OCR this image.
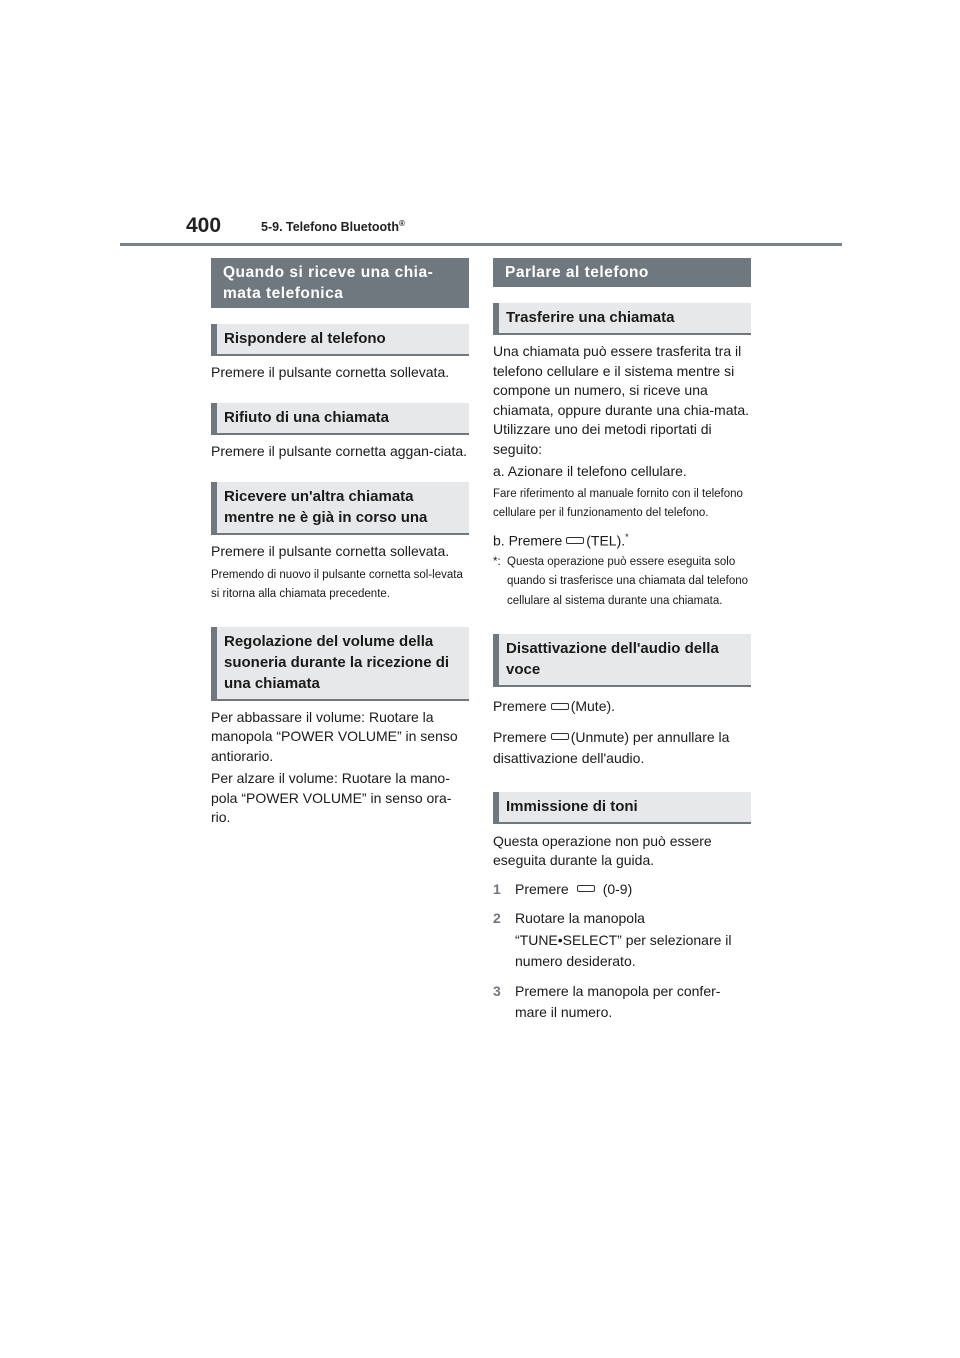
400	5-9. Telefono Bluetooth®
Quando si riceve una chia-mata telefonica
Rispondere al telefono

Premere il pulsante cornetta sollevata.

Rifiuto di una chiamata

Premere il pulsante cornetta aggan-ciata.

Ricevere un'altra chiamata mentre ne è già in corso una

Premere il pulsante cornetta sollevata.

Premendo di nuovo il pulsante cornetta sol-levata si ritorna alla chiamata precedente.

Regolazione del volume della suoneria durante la ricezione di una chiamata

Per abbassare il volume: Ruotare la manopola “POWER VOLUME” in senso antiorario.

Per alzare il volume: Ruotare la mano-pola “POWER VOLUME” in senso ora-rio.

Parlare al telefono
Trasferire una chiamata

Una chiamata può essere trasferita tra il telefono cellulare e il sistema mentre si compone un numero, si riceve una chiamata, oppure durante una chia-mata. Utilizzare uno dei metodi riportati di seguito:

a. Azionare il telefono cellulare.

Fare riferimento al manuale fornito con il telefono cellulare per il funzionamento del telefono.

b. Premere (TEL).*

*: Questa operazione può essere eseguita solo quando si trasferisce una chiamata dal telefono cellulare al sistema durante una chiamata.
Disattivazione dell'audio della voce

Premere (Mute).

Premere (Unmute) per annullare la disattivazione dell'audio.

Immissione di toni

Questa operazione non può essere eseguita durante la guida.

1	Premere (0-9)
2	Ruotare la manopola “TUNE•SELECT” per selezionare il numero desiderato.
3	Premere la manopola per confer-mare il numero.
